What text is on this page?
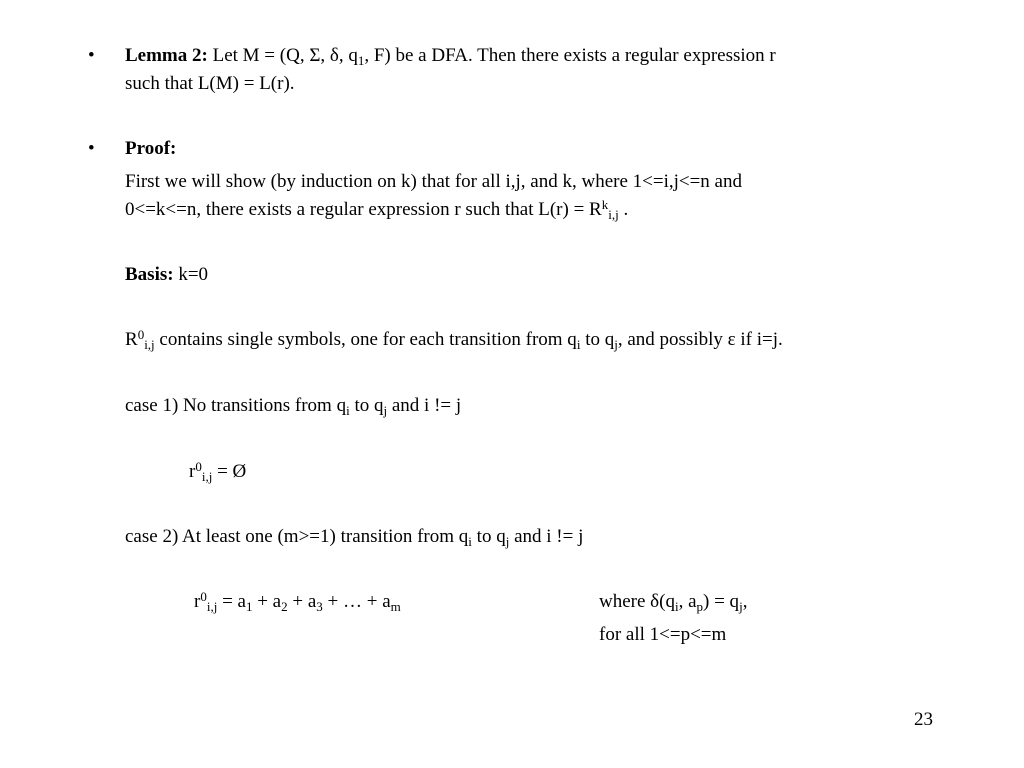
• Lemma 2: Let M = (Q, Σ, δ, $q_1$, F) be a DFA. Then there exists a regular expression r
such that L(M) = L(r).
• Proof:
First we will show (by induction on k) that for all i,j, and k, where 1<=i,j<=n and
0<=k<=n, there exists a regular expression r such that $L(r) = R^k_{i,j}$ .
Basis: k=0
$R^0_{i,j}$ contains single symbols, one for each transition from $q_i$ to $q_j$, and possibly ε if i=j.
case 1) No transitions from $q_i$ to $q_j$ and i != j
$r^0_{i,j}$ = Ø
case 2) At least one (m>=1) transition from $q_i$ to $q_j$ and i != j
$r^0_{i,j} = a_1 + a_2 + a_3$ + … + $a_m$	where $\delta(q_i$, $a_p) = q_j$,
for all 1<=p<=m
23
